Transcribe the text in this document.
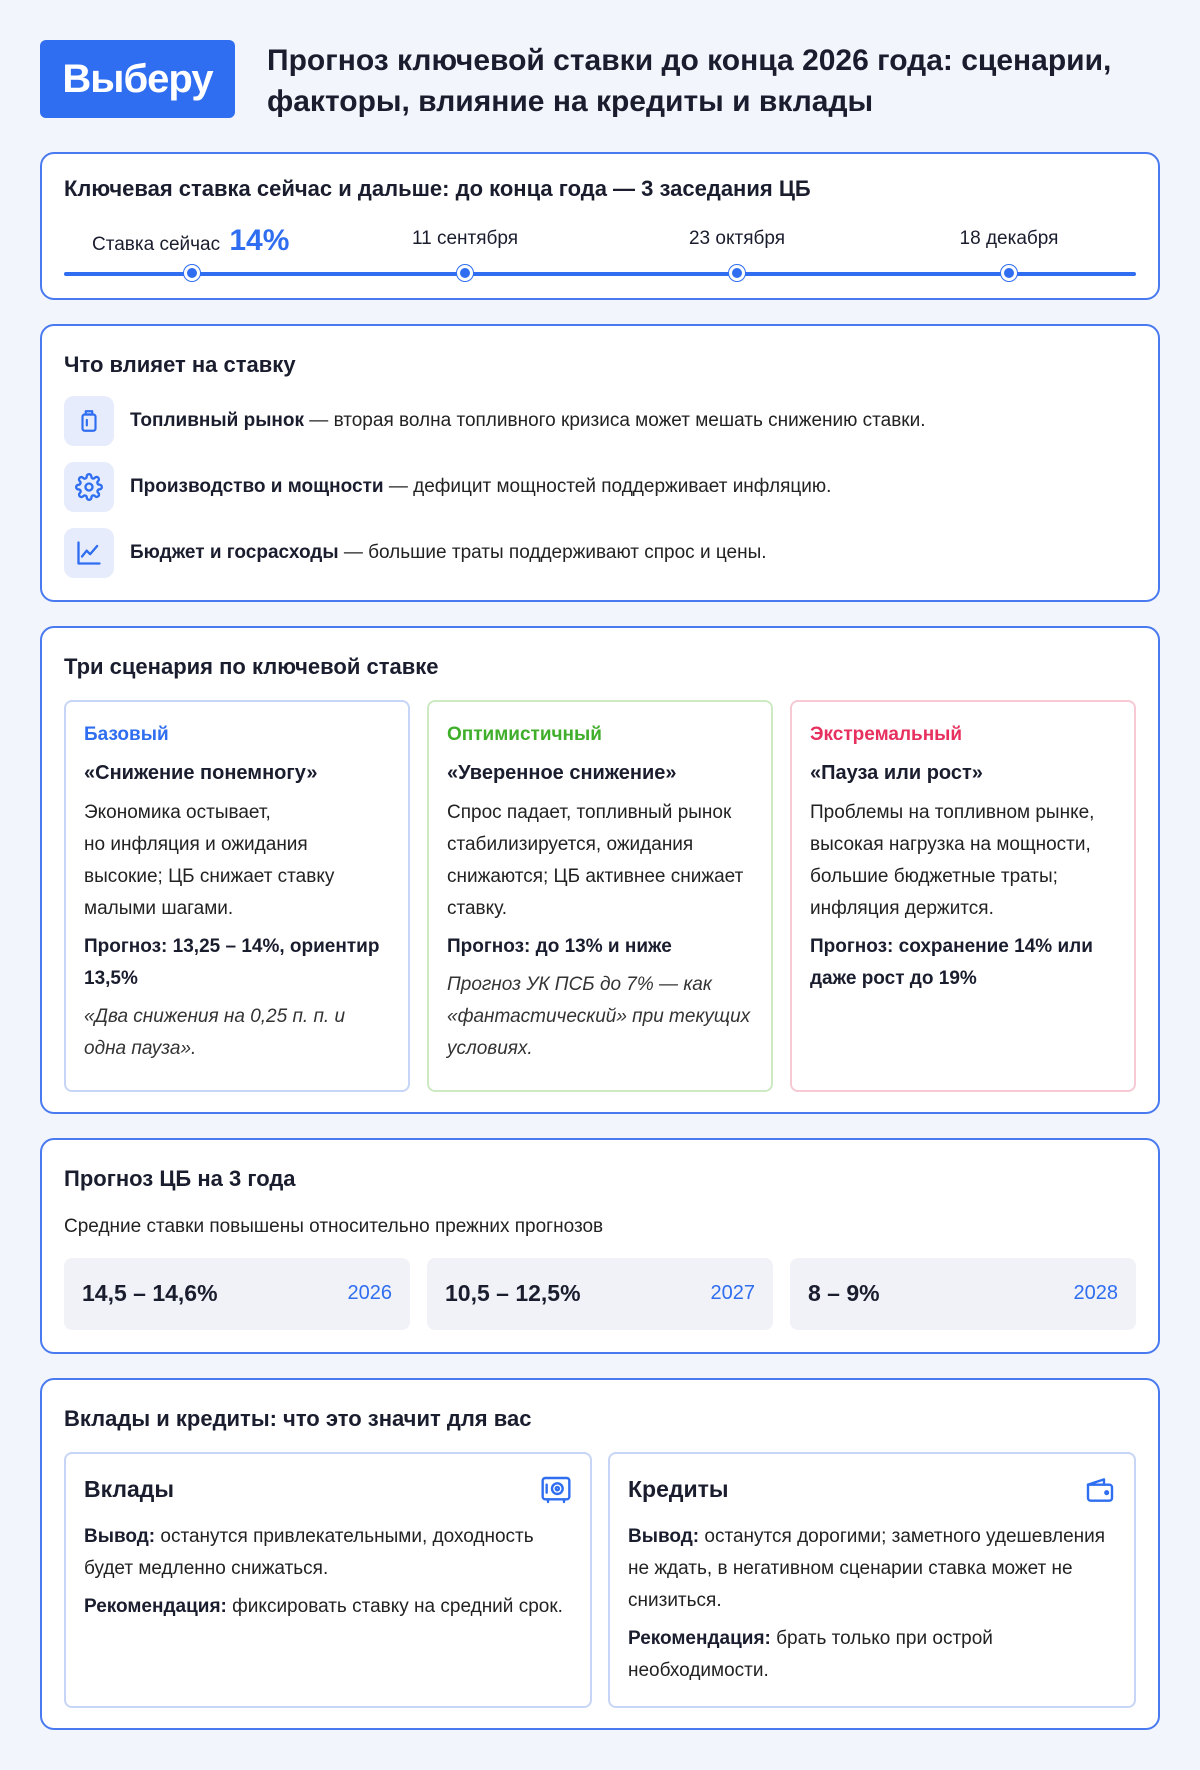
Выберу	Прогноз ключевой ставки до конца 2026 года: сценарии, факторы, влияние на кредиты и вклады
Ключевая ставка сейчас и дальше: до конца года — 3 заседания ЦБ
Ставка сейчас 14%	11 сентября	23 октября	18 декабря
Что влияет на ставку
Топливный рынок — вторая волна топливного кризиса может мешать снижению ставки.
Производство и мощности — дефицит мощностей поддерживает инфляцию.
Бюджет и госрасходы — большие траты поддерживают спрос и цены.
Три сценария по ключевой ставке
Базовый
«Снижение понемногу»
Экономика остывает,
но инфляция и ожидания высокие; ЦБ снижает ставку малыми шагами.
Прогноз: 13,25 – 14%, ориентир 13,5%
«Два снижения на 0,25 п. п. и одна пауза».
Оптимистичный
«Уверенное снижение»
Спрос падает, топливный рынок стабилизируется, ожидания снижаются; ЦБ активнее снижает ставку.
Прогноз: до 13% и ниже
Прогноз УК ПСБ до 7% — как «фантастический» при текущих условиях.
Экстремальный
«Пауза или рост»
Проблемы на топливном рынке, высокая нагрузка на мощности, большие бюджетные траты; инфляция держится.
Прогноз: сохранение 14% или даже рост до 19%
Прогноз ЦБ на 3 года
Средние ставки повышены относительно прежних прогнозов
14,5 – 14,6%	2026 10,5 – 12,5%	2027 8 – 9%	2028
Вклады и кредиты: что это значит для вас
Вклады
Вывод: останутся привлекательными, доходность будет медленно снижаться.
Рекомендация: фиксировать ставку на средний срок.
Кредиты
Вывод: останутся дорогими; заметного удешевления не ждать, в негативном сценарии ставка может не снизиться.
Рекомендация: брать только при острой необходимости.
